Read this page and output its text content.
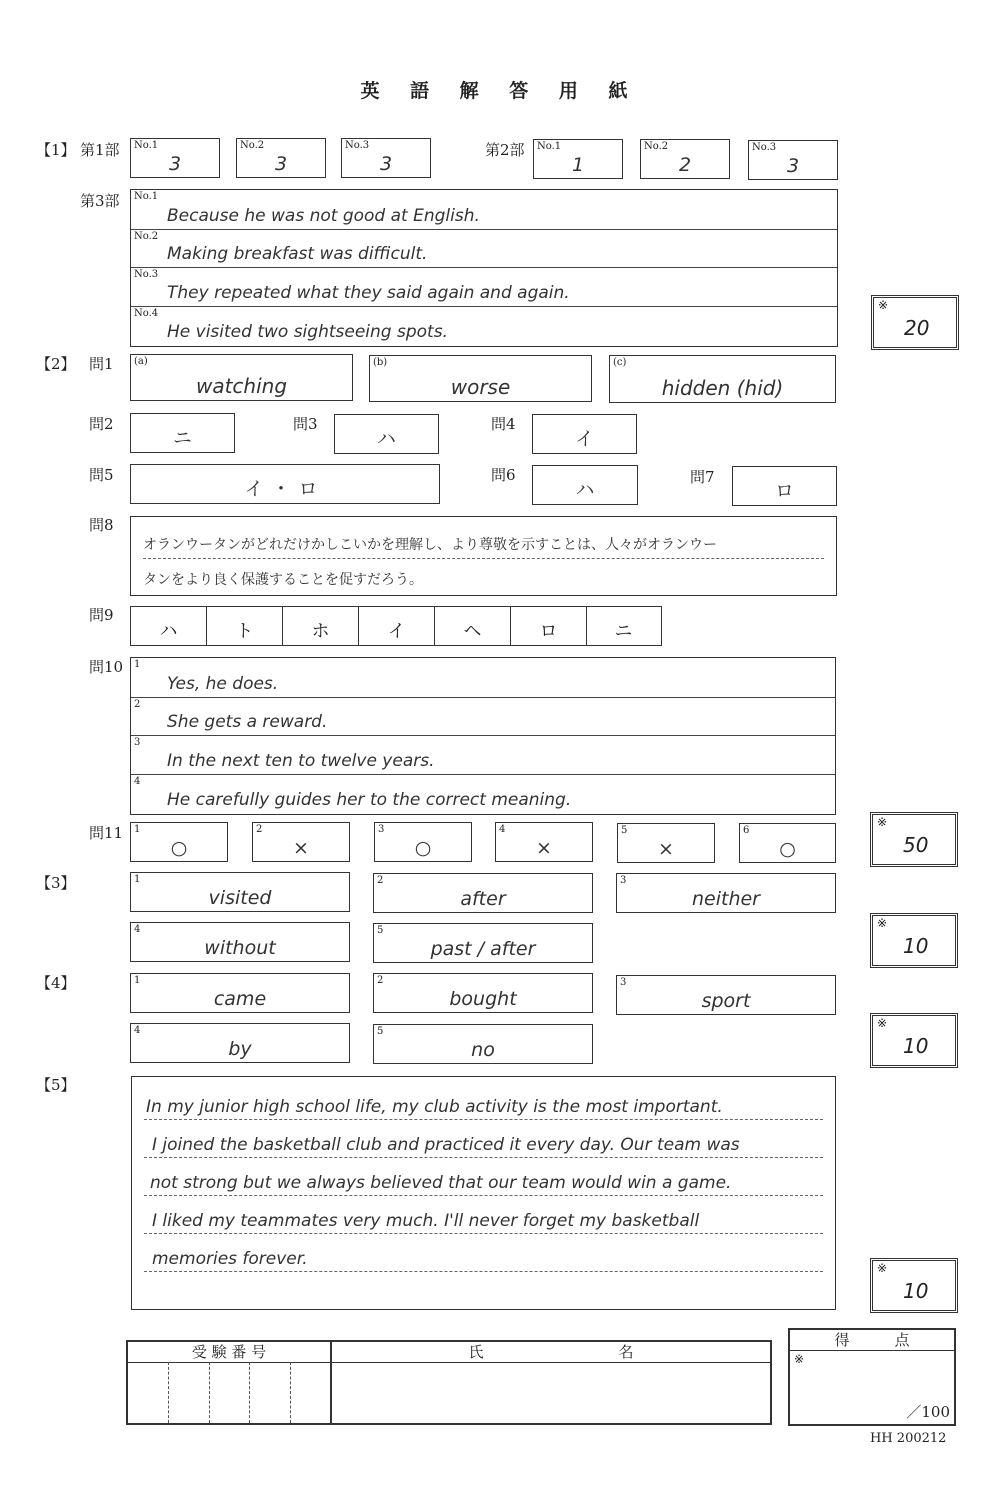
英 語 解 答 用 紙
【1】 第1部 No.1
3
No.2
3
No.3
3
第2部 No.1
1
No.2
2
No.3
3
第3部 No.1
Because he was not good at English.
No.2
Making breakfast was difficult.
No.3
They repeated what they said again and again.
No.4
He visited two sightseeing spots.
※
20
【2】 問1 (a)
watching
(b)
worse
(c)
hidden (hid)
問2
ニ
問3
ハ
問4
イ
問5
イ・ロ
問6
ハ
問7
ロ
問8
オランウータンがどれだけかしこいかを理解し、より尊敬を示すことは、人々がオランウー
タンをより良く保護することを促すだろう。
問9
ハ	ト	ホ	イ	ヘ	ロ	ニ
問10 1
Yes, he does.
2
She gets a reward.
3
In the next ten to twelve years.
4
He carefully guides her to the correct meaning.
問11 1
○
2
×
3
○
4
×
5
×
6
○
※
50
【3】	1
visited
2
after
3
neither
4
without
5
past / after
※
10
【4】	1
came
2
bought
3
sport
4
by
5
no
※
10
【5】
In my junior high school life, my club activity is the most important.
I joined the basketball club and practiced it every day. Our team was
not strong but we always believed that our team would win a game.
I liked my teammates very much. I'll never forget my basketball
memories forever.	※
10
受 験 番 号	氏　　　　　　　　　名
得　　　点
※
／100
HH 200212
